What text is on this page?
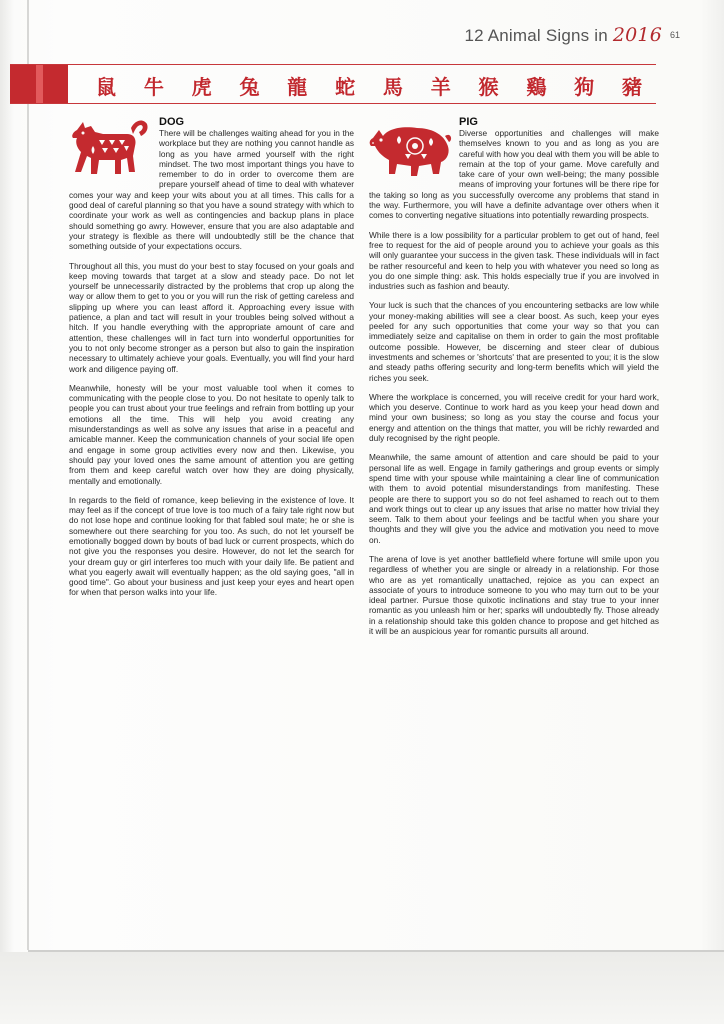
12 Animal Signs in 2016 61
鼠	牛	虎	兔	龍	蛇	馬	羊	猴	鷄	狗	豬
DOG

There will be challenges waiting ahead for you in the workplace but they are nothing you cannot handle as long as you have armed yourself with the right mindset. The two most important things you have to remember to do in order to overcome them are prepare yourself ahead of time to deal with whatever comes your way and keep your wits about you at all times. This calls for a good deal of careful planning so that you have a sound strategy with which to coordinate your work as well as contingencies and backup plans in place should something go awry. However, ensure that you are also adaptable and your strategy is flexible as there will undoubtedly still be the chance that something outside of your expectations occurs.

Throughout all this, you must do your best to stay focused on your goals and keep moving towards that target at a slow and steady pace. Do not let yourself be unnecessarily distracted by the problems that crop up along the way or allow them to get to you or you will run the risk of getting careless and slipping up where you can least afford it. Approaching every issue with patience, a plan and tact will result in your troubles being solved without a hitch. If you handle everything with the appropriate amount of care and attention, these challenges will in fact turn into wonderful opportunities for you to not only become stronger as a person but also to gain the inspiration necessary to ultimately achieve your goals. Eventually, you will find your hard work and diligence paying off.

Meanwhile, honesty will be your most valuable tool when it comes to communicating with the people close to you. Do not hesitate to openly talk to people you can trust about your true feelings and refrain from bottling up your emotions all the time. This will help you avoid creating any misunderstandings as well as solve any issues that arise in a peaceful and amicable manner. Keep the communication channels of your social life open and engage in some group activities every now and then. Likewise, you should pay your loved ones the same amount of attention you are getting from them and keep careful watch over how they are doing physically, mentally and emotionally.

In regards to the field of romance, keep believing in the existence of love. It may feel as if the concept of true love is too much of a fairy tale right now but do not lose hope and continue looking for that fabled soul mate; he or she is somewhere out there searching for you too. As such, do not let yourself be emotionally bogged down by bouts of bad luck or current prospects, which do not give you the responses you desire. However, do not let the search for your dream guy or girl interferes too much with your daily life. Be patient and what you eagerly await will eventually happen; as the old saying goes, "all in good time". Go about your business and just keep your eyes and heart open for when that person walks into your life.

PIG

Diverse opportunities and challenges will make themselves known to you and as long as you are careful with how you deal with them you will be able to remain at the top of your game. Move carefully and take care of your own well-being; the many possible means of improving your fortunes will be there ripe for the taking so long as you successfully overcome any problems that stand in the way. Furthermore, you will have a definite advantage over others when it comes to converting negative situations into potentially rewarding prospects.

While there is a low possibility for a particular problem to get out of hand, feel free to request for the aid of people around you to achieve your goals as this will only guarantee your success in the given task. These individuals will in fact be rather resourceful and keen to help you with whatever you need so long as you do one simple thing: ask. This holds especially true if you are involved in industries such as fashion and beauty.

Your luck is such that the chances of you encountering setbacks are low while your money-making abilities will see a clear boost. As such, keep your eyes peeled for any such opportunities that come your way so that you can immediately seize and capitalise on them in order to gain the most profitable outcome possible. However, be discerning and steer clear of dubious investments and schemes or 'shortcuts' that are presented to you; it is the slow and steady paths offering security and long-term benefits which will yield the riches you seek.

Where the workplace is concerned, you will receive credit for your hard work, which you deserve. Continue to work hard as you keep your head down and mind your own business; so long as you stay the course and focus your energy and attention on the things that matter, you will be richly rewarded and duly recognised by the right people.

Meanwhile, the same amount of attention and care should be paid to your personal life as well. Engage in family gatherings and group events or simply spend time with your spouse while maintaining a clear line of communication with them to avoid potential misunderstandings from manifesting. These people are there to support you so do not feel ashamed to reach out to them and work things out to clear up any issues that arise no matter how trivial they seem. Talk to them about your feelings and be tactful when you share your thoughts and they will give you the advice and motivation you need to move on.

The arena of love is yet another battlefield where fortune will smile upon you regardless of whether you are single or already in a relationship. For those who are as yet romantically unattached, rejoice as you can expect an associate of yours to introduce someone to you who may turn out to be your ideal partner. Pursue those quixotic inclinations and stay true to your inner romantic as you unleash him or her; sparks will undoubtedly fly. Those already in a relationship should take this golden chance to propose and get hitched as it will be an auspicious year for romantic pursuits all around.
